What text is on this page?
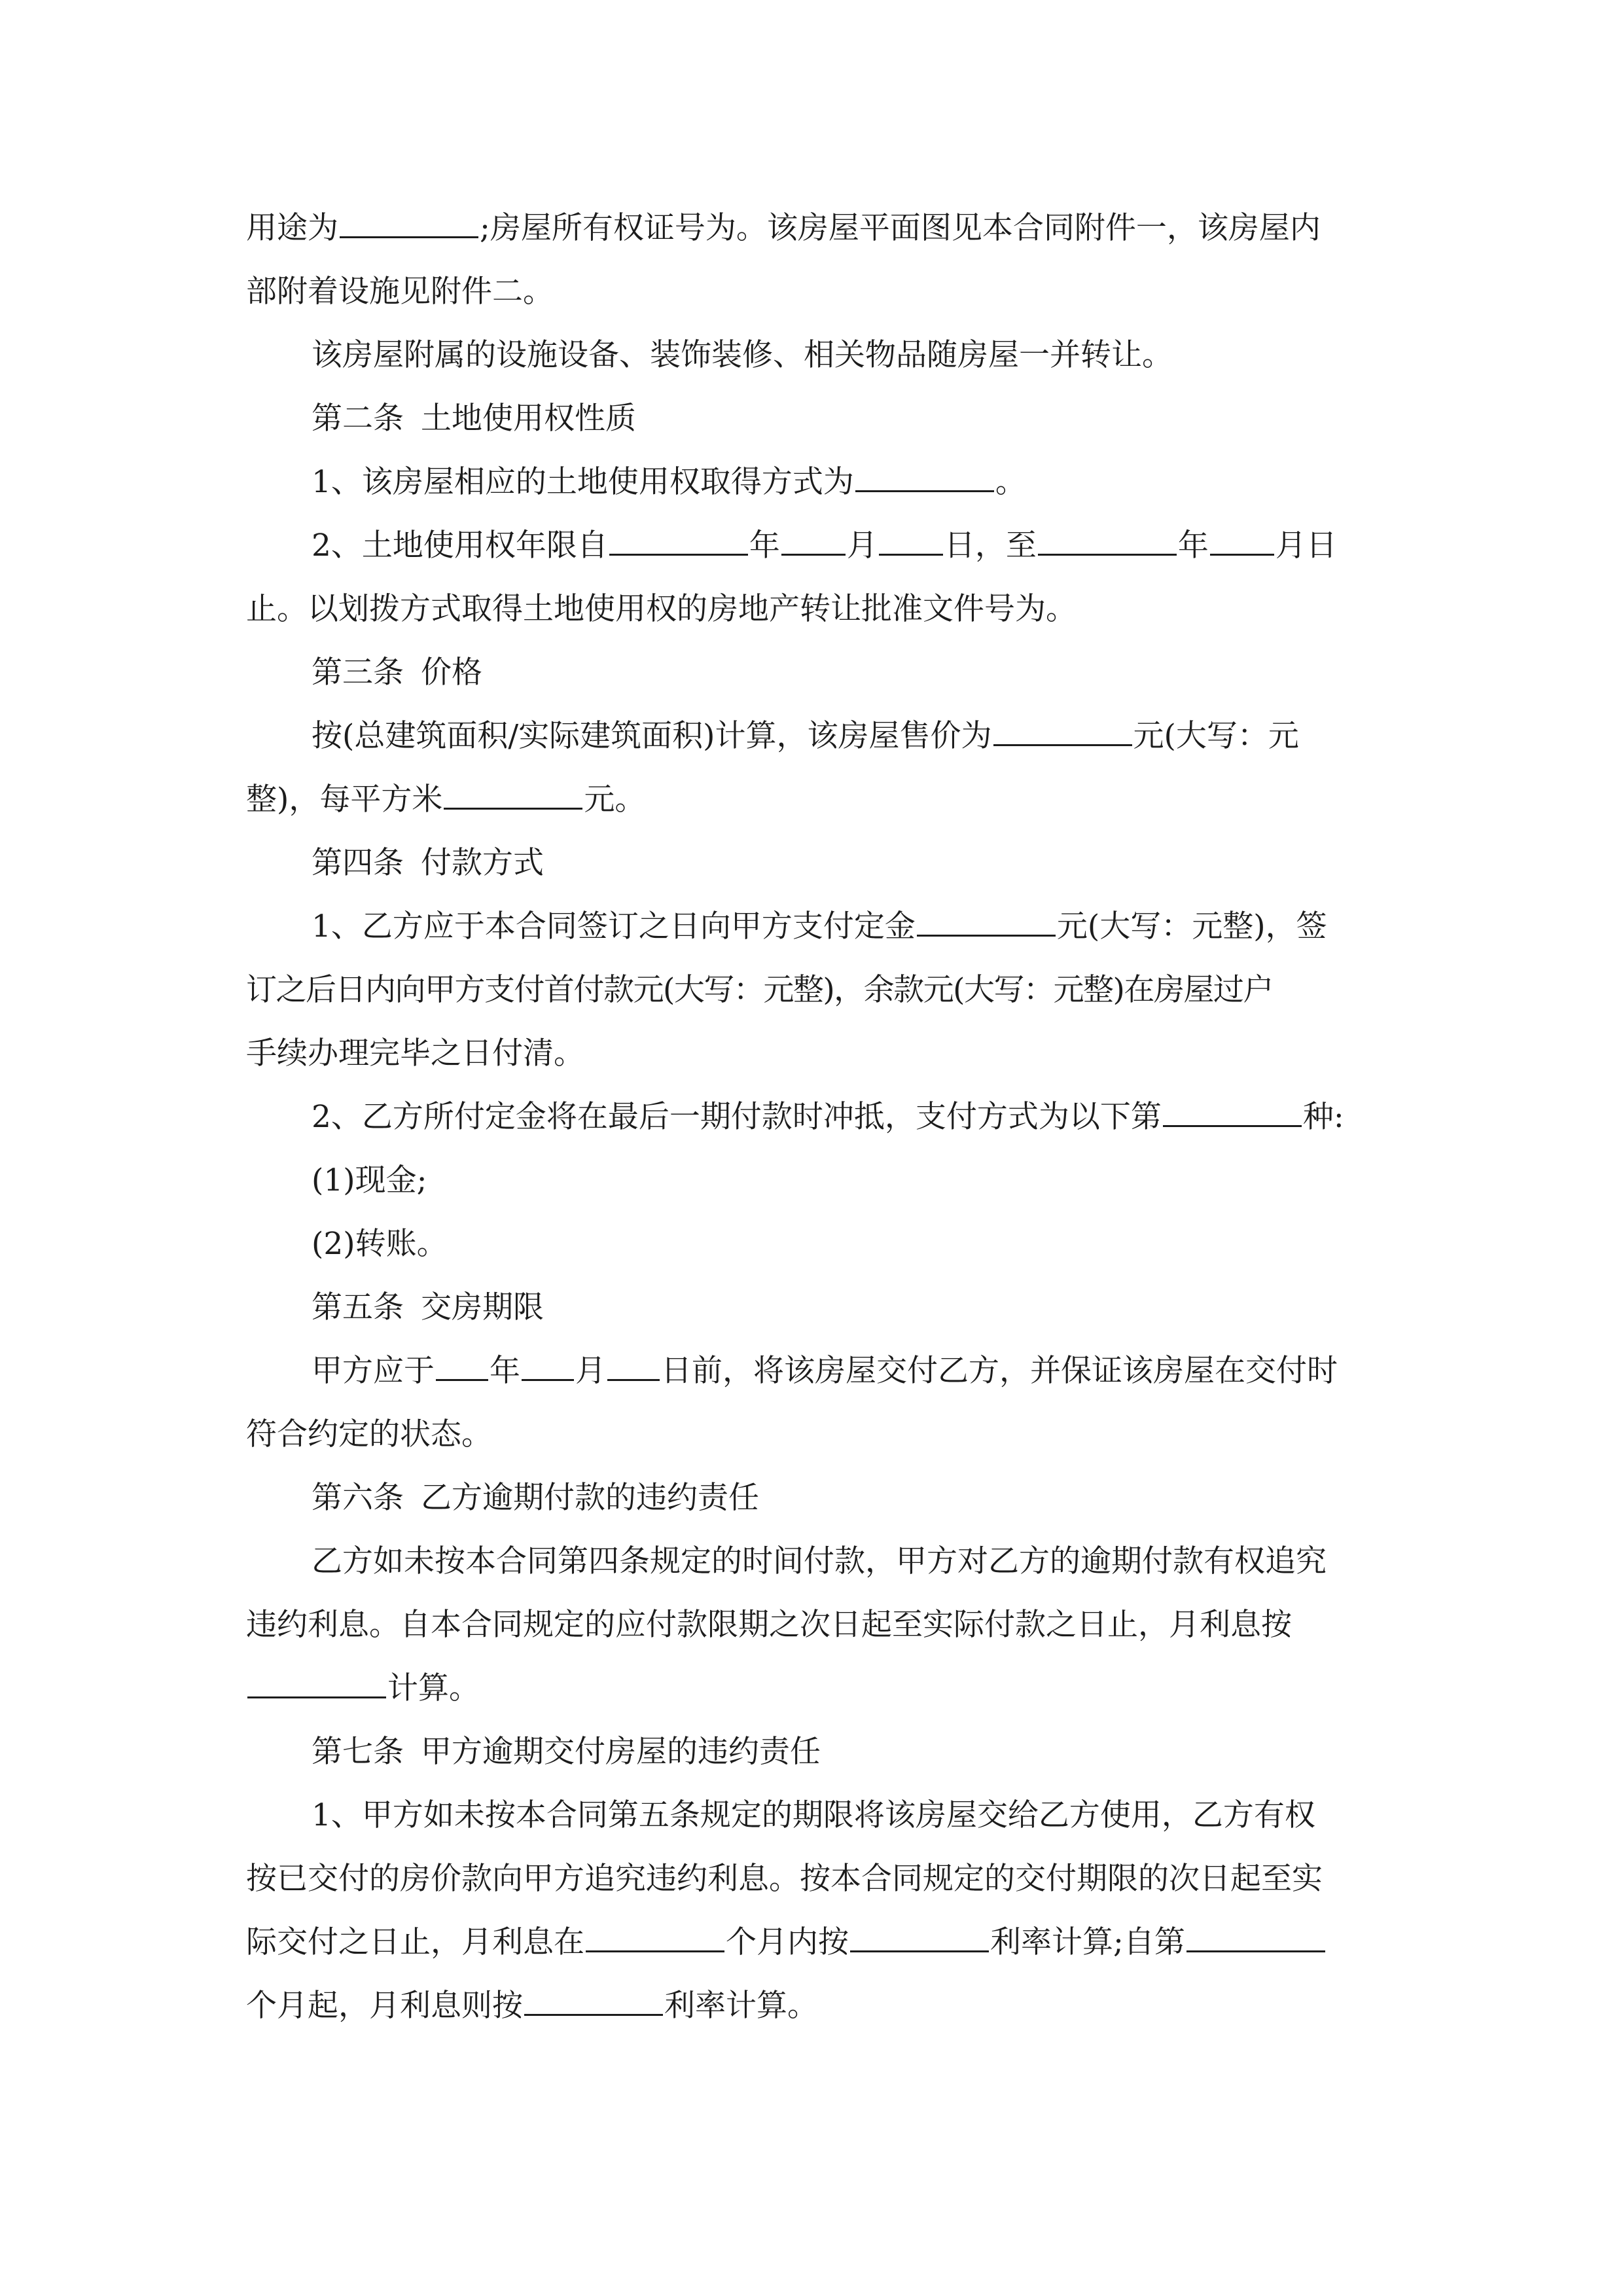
用途为	;房屋所有权证号为。该房屋平面图见本合同附件一，该房屋内
部附着设施见附件二。
该房屋附属的设施设备、装饰装修、相关物品随房屋一并转让。
第二条 土地使用权性质
1、该房屋相应的土地使用权取得方式为	。
2、土地使用权年限自	年 月 日，至	年 月日
止。以划拨方式取得土地使用权的房地产转让批准文件号为。
第三条 价格
按(总建筑面积/实际建筑面积)计算，该房屋售价为	元(大写：元
整)，每平方米	元。
第四条 付款方式
1、乙方应于本合同签订之日向甲方支付定金	元(大写：元整)，签
订之后日内向甲方支付首付款元(大写：元整)，余款元(大写：元整)在房屋过户
手续办理完毕之日付清。
2、乙方所付定金将在最后一期付款时冲抵，支付方式为以下第	种:
(1)现金;
(2)转账。
第五条 交房期限
甲方应于 年 月 日前，将该房屋交付乙方，并保证该房屋在交付时
符合约定的状态。
第六条 乙方逾期付款的违约责任
乙方如未按本合同第四条规定的时间付款，甲方对乙方的逾期付款有权追究
违约利息。自本合同规定的应付款限期之次日起至实际付款之日止，月利息按
计算。
第七条 甲方逾期交付房屋的违约责任
1、甲方如未按本合同第五条规定的期限将该房屋交给乙方使用，乙方有权
按已交付的房价款向甲方追究违约利息。按本合同规定的交付期限的次日起至实
际交付之日止，月利息在	个月内按	利率计算;自第
个月起，月利息则按	利率计算。
